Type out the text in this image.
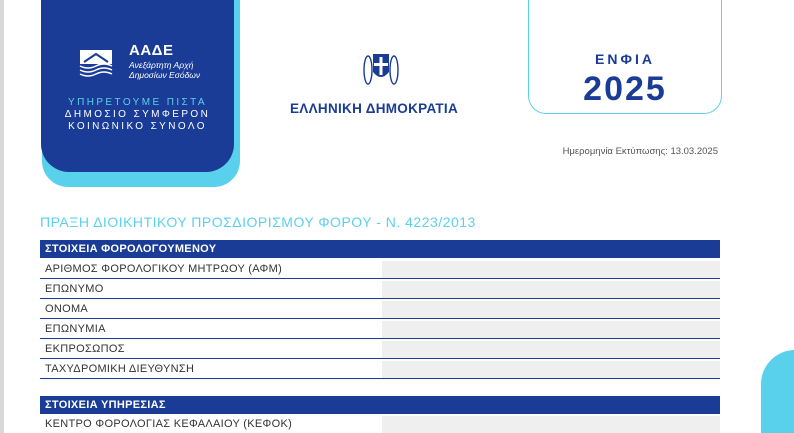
ΑΑΔΕ
Ανεξάρτητη Αρχή
Δημοσίων Εσόδων
ΥΠΗΡΕΤΟΥΜΕ ΠΙΣΤΑ
ΔΗΜΟΣΙΟ ΣΥΜΦΕΡΟΝ
ΚΟΙΝΩΝΙΚΟ ΣΥΝΟΛΟ
ΕΛΛΗΝΙΚΗ ΔΗΜΟΚΡΑΤΙΑ
ΕΝΦΙΑ
2025
Ημερομηνία Εκτύπωσης: 13.03.2025
ΠΡΑΞΗ ΔΙΟΙΚΗΤΙΚΟΥ ΠΡΟΣΔΙΟΡΙΣΜΟΥ ΦΟΡΟΥ - Ν. 4223/2013
ΣΤΟΙΧΕΙΑ ΦΟΡΟΛΟΓΟΥΜΕΝΟΥ
ΑΡΙΘΜΟΣ ΦΟΡΟΛΟΓΙΚΟΥ ΜΗΤΡΩΟΥ (ΑΦΜ)
ΕΠΩΝΥΜΟ
ΟΝΟΜΑ
ΕΠΩΝΥΜΙΑ
ΕΚΠΡΟΣΩΠΟΣ
ΤΑΧΥΔΡΟΜΙΚΗ ΔΙΕΥΘΥΝΣΗ
ΣΤΟΙΧΕΙΑ ΥΠΗΡΕΣΙΑΣ
ΚΕΝΤΡΟ ΦΟΡΟΛΟΓΙΑΣ ΚΕΦΑΛΑΙΟΥ (ΚΕΦΟΚ)
